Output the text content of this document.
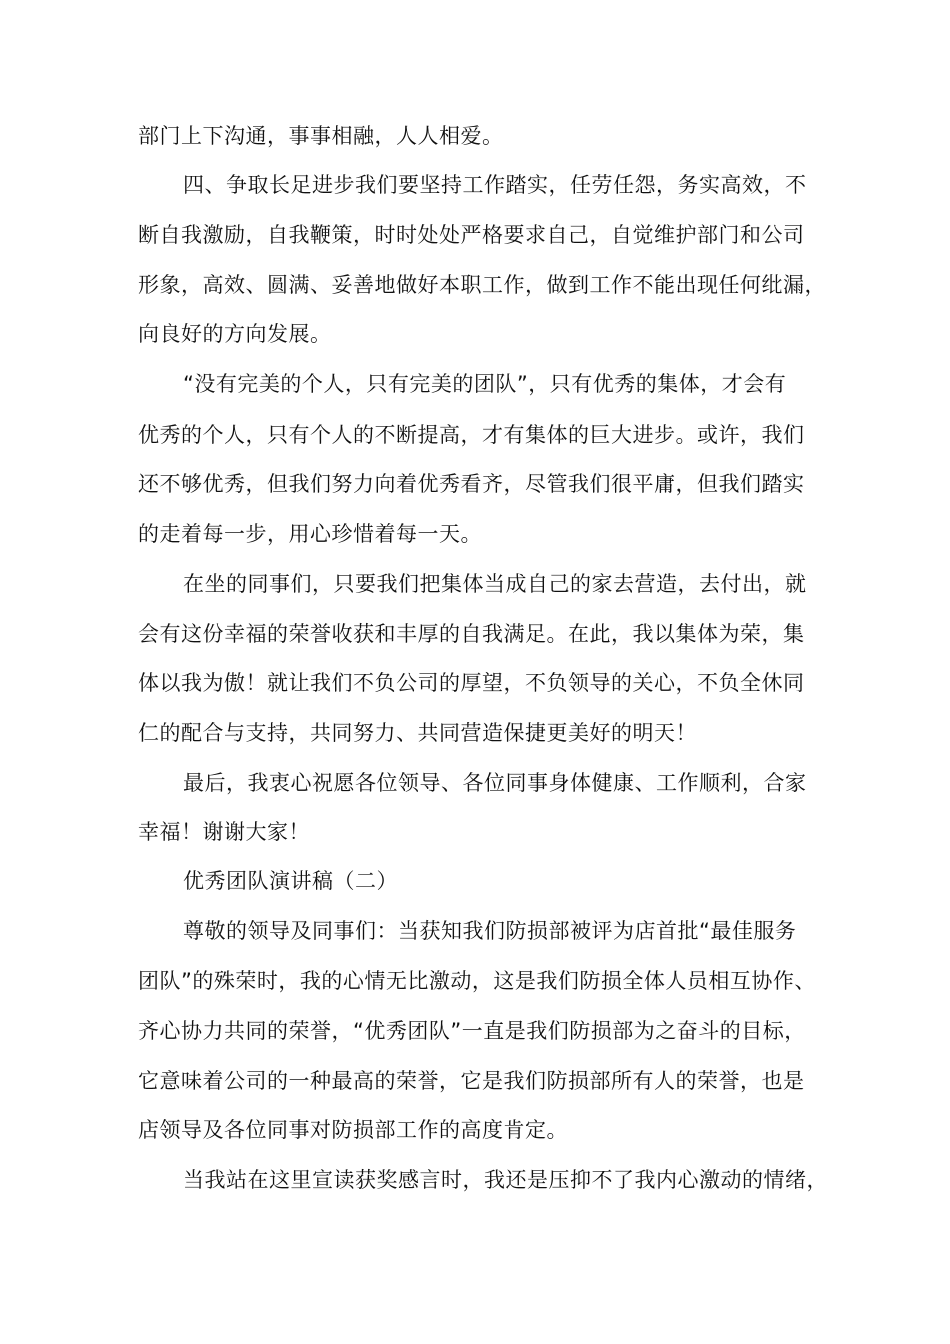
部门上下沟通，事事相融，人人相爱。
四、争取长足进步我们要坚持工作踏实，任劳任怨，务实高效，不
断自我激励，自我鞭策，时时处处严格要求自己，自觉维护部门和公司
形象，高效、圆满、妥善地做好本职工作，做到工作不能出现任何纰漏，
向良好的方向发展。
“没有完美的个人，只有完美的团队”，只有优秀的集体，才会有
优秀的个人，只有个人的不断提高，才有集体的巨大进步。或许，我们
还不够优秀，但我们努力向着优秀看齐，尽管我们很平庸，但我们踏实
的走着每一步，用心珍惜着每一天。
在坐的同事们，只要我们把集体当成自己的家去营造，去付出，就
会有这份幸福的荣誉收获和丰厚的自我满足。在此，我以集体为荣，集
体以我为傲！就让我们不负公司的厚望，不负领导的关心，不负全休同
仁的配合与支持，共同努力、共同营造保捷更美好的明天！
最后，我衷心祝愿各位领导、各位同事身体健康、工作顺利，合家
幸福！谢谢大家！
优秀团队演讲稿（二）
尊敬的领导及同事们：当获知我们防损部被评为店首批“最佳服务
团队”的殊荣时，我的心情无比激动，这是我们防损全体人员相互协作、
齐心协力共同的荣誉，“优秀团队”一直是我们防损部为之奋斗的目标，
它意味着公司的一种最高的荣誉，它是我们防损部所有人的荣誉，也是
店领导及各位同事对防损部工作的高度肯定。
当我站在这里宣读获奖感言时，我还是压抑不了我内心激动的情绪，
